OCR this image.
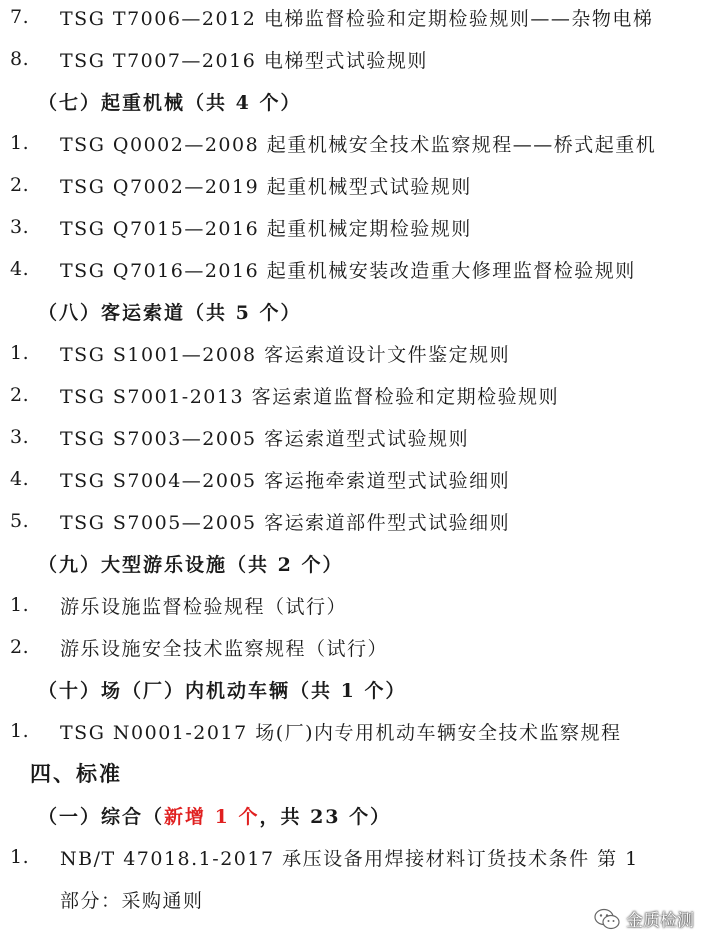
7. TSG T7006—2012 电梯监督检验和定期检验规则——杂物电梯
8. TSG T7007—2016 电梯型式试验规则
（七）起重机械（共 4 个）
1. TSG Q0002—2008 起重机械安全技术监察规程——桥式起重机
2. TSG Q7002—2019 起重机械型式试验规则
3. TSG Q7015—2016 起重机械定期检验规则
4. TSG Q7016—2016 起重机械安装改造重大修理监督检验规则
（八）客运索道（共 5 个）
1. TSG S1001—2008 客运索道设计文件鉴定规则
2. TSG S7001-2013 客运索道监督检验和定期检验规则
3. TSG S7003—2005 客运索道型式试验规则
4. TSG S7004—2005 客运拖牵索道型式试验细则
5. TSG S7005—2005 客运索道部件型式试验细则
（九）大型游乐设施（共 2 个）
1. 游乐设施监督检验规程（试行）
2. 游乐设施安全技术监察规程（试行）
（十）场（厂）内机动车辆（共 1 个）
1. TSG N0001-2017 场(厂)内专用机动车辆安全技术监察规程
四、标准
（一）综合（新增 1 个，共 23 个）
1. NB/T 47018.1-2017 承压设备用焊接材料订货技术条件 第 1
部分：采购通则
金质检测
